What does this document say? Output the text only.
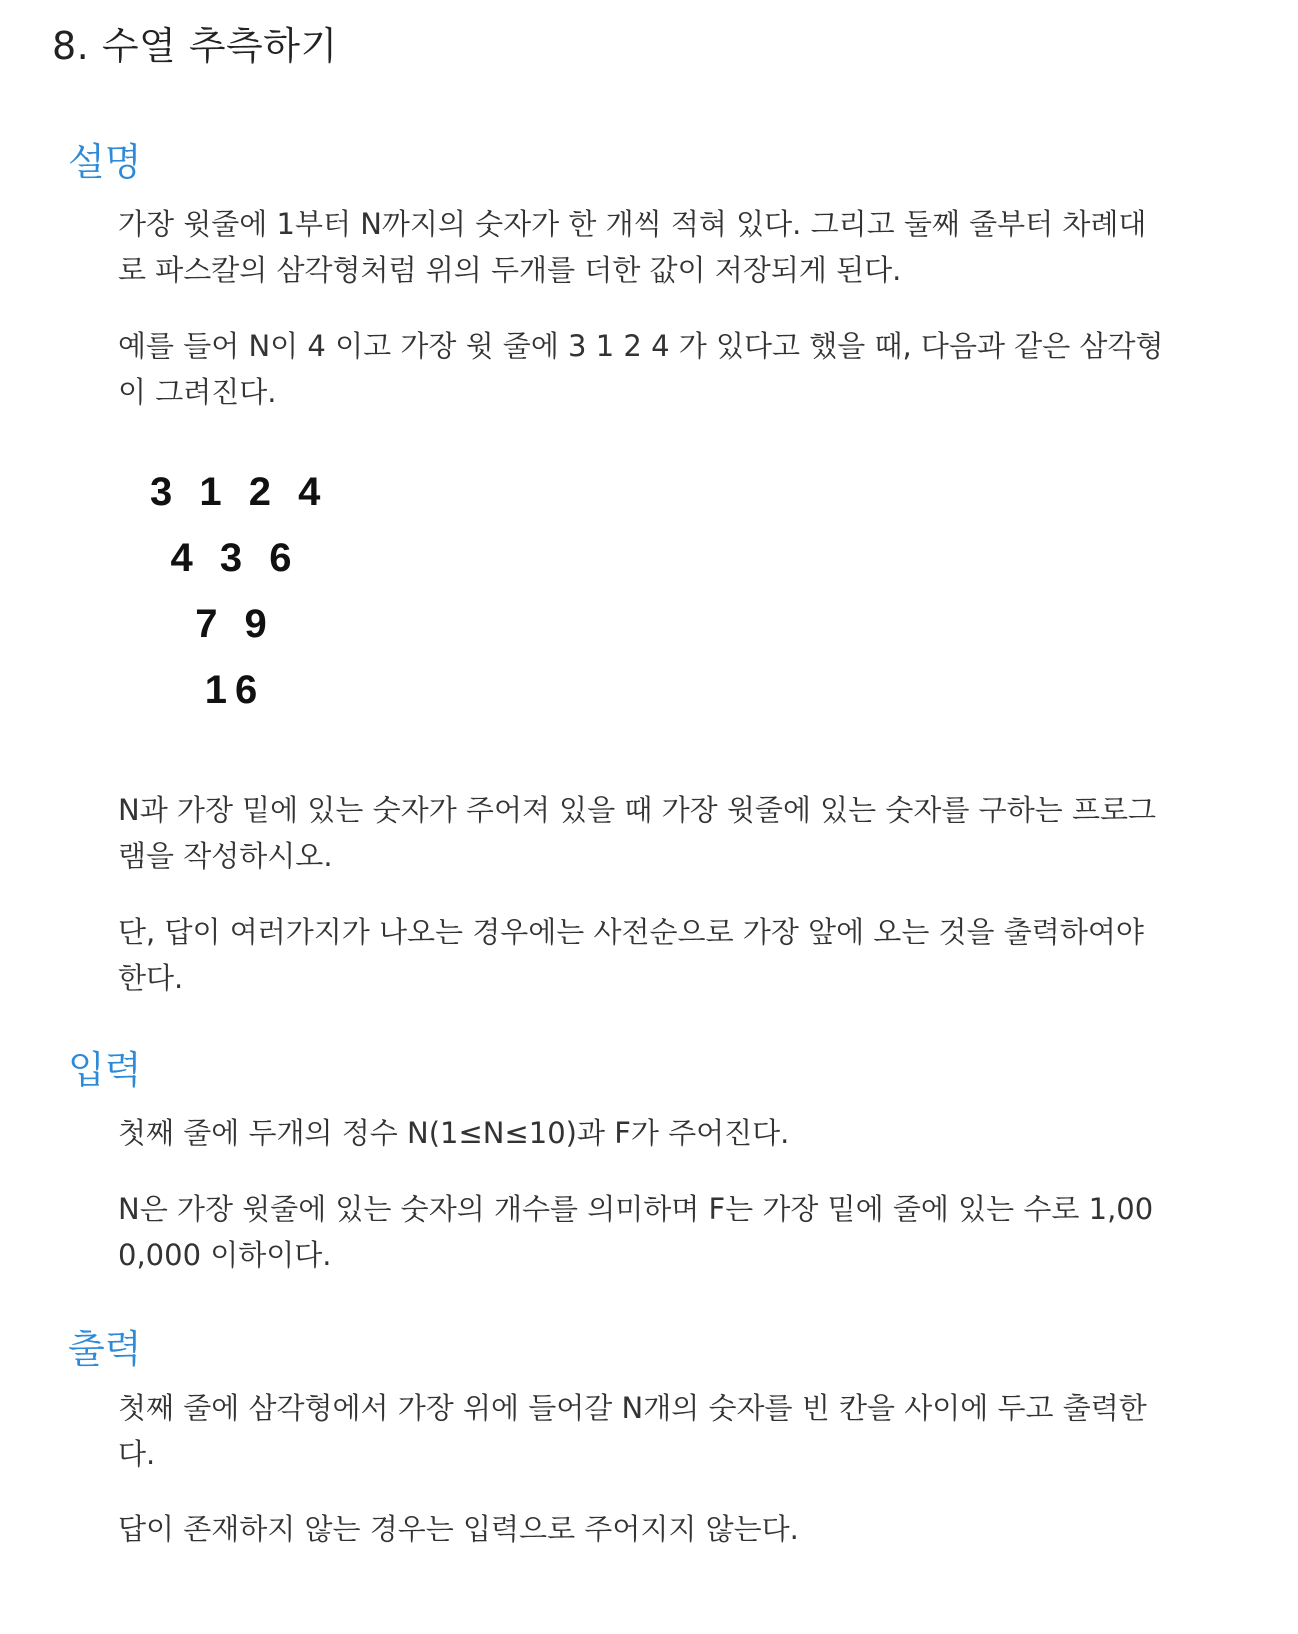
8. 수열 추측하기
설명

가장 윗줄에 1부터 N까지의 숫자가 한 개씩 적혀 있다. 그리고 둘째 줄부터 차례대로 파스칼의 삼각형처럼 위의 두개를 더한 값이 저장되게 된다.

예를 들어 N이 4 이고 가장 윗 줄에 3 1 2 4 가 있다고 했을 때, 다음과 같은 삼각형이 그려진다.

3 1 2 4
4 3 6
7 9
16

N과 가장 밑에 있는 숫자가 주어져 있을 때 가장 윗줄에 있는 숫자를 구하는 프로그램을 작성하시오.

단, 답이 여러가지가 나오는 경우에는 사전순으로 가장 앞에 오는 것을 출력하여야 한다.

입력

첫째 줄에 두개의 정수 N(1≤N≤10)과 F가 주어진다.

N은 가장 윗줄에 있는 숫자의 개수를 의미하며 F는 가장 밑에 줄에 있는 수로 1,000,000 이하이다.

출력

첫째 줄에 삼각형에서 가장 위에 들어갈 N개의 숫자를 빈 칸을 사이에 두고 출력한다.

답이 존재하지 않는 경우는 입력으로 주어지지 않는다.
